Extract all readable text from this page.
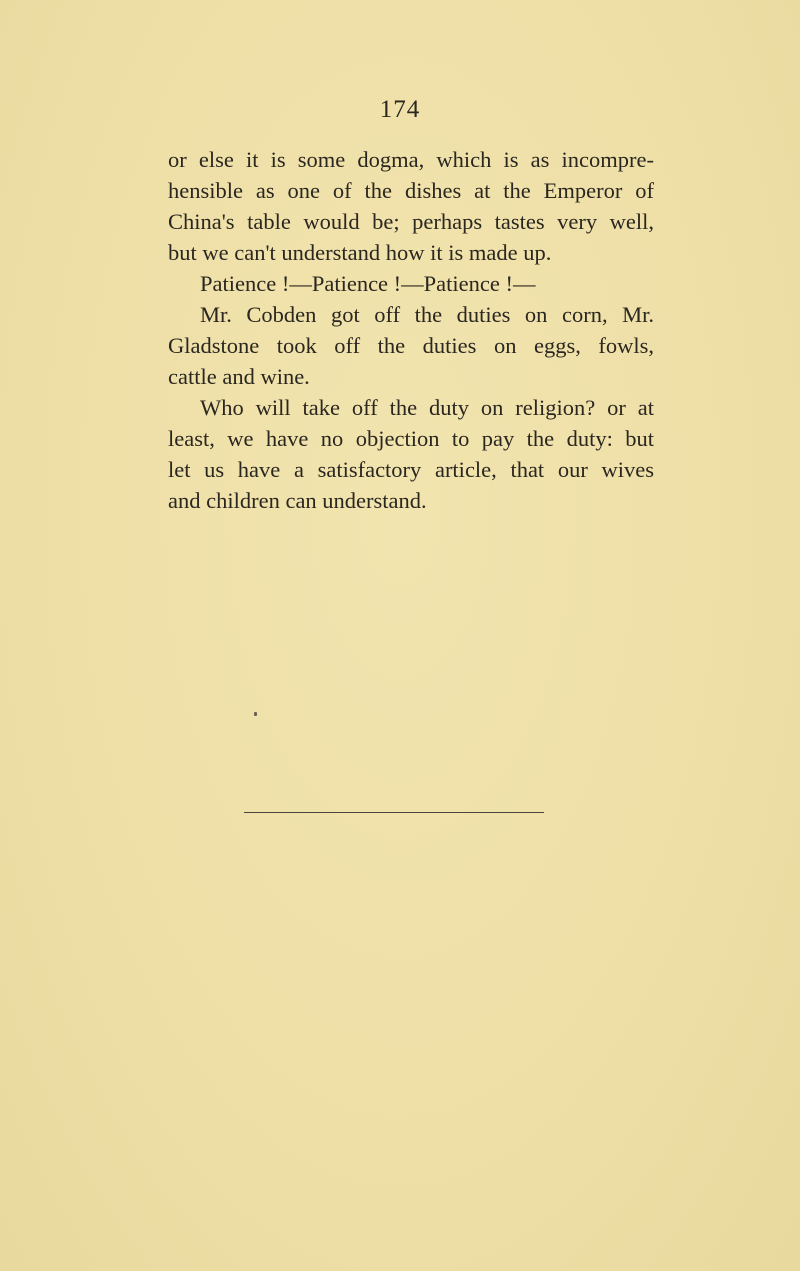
174
or else it is some dogma, which is as incompre-
hensible as one of the dishes at the Emperor of
China's table would be; perhaps tastes very well,
but we can't understand how it is made up.
Patience !—Patience !—Patience !—
Mr. Cobden got off the duties on corn, Mr.
Gladstone took off the duties on eggs, fowls,
cattle and wine.
Who will take off the duty on religion? or at
least, we have no objection to pay the duty: but
let us have a satisfactory article, that our wives
and children can understand.
